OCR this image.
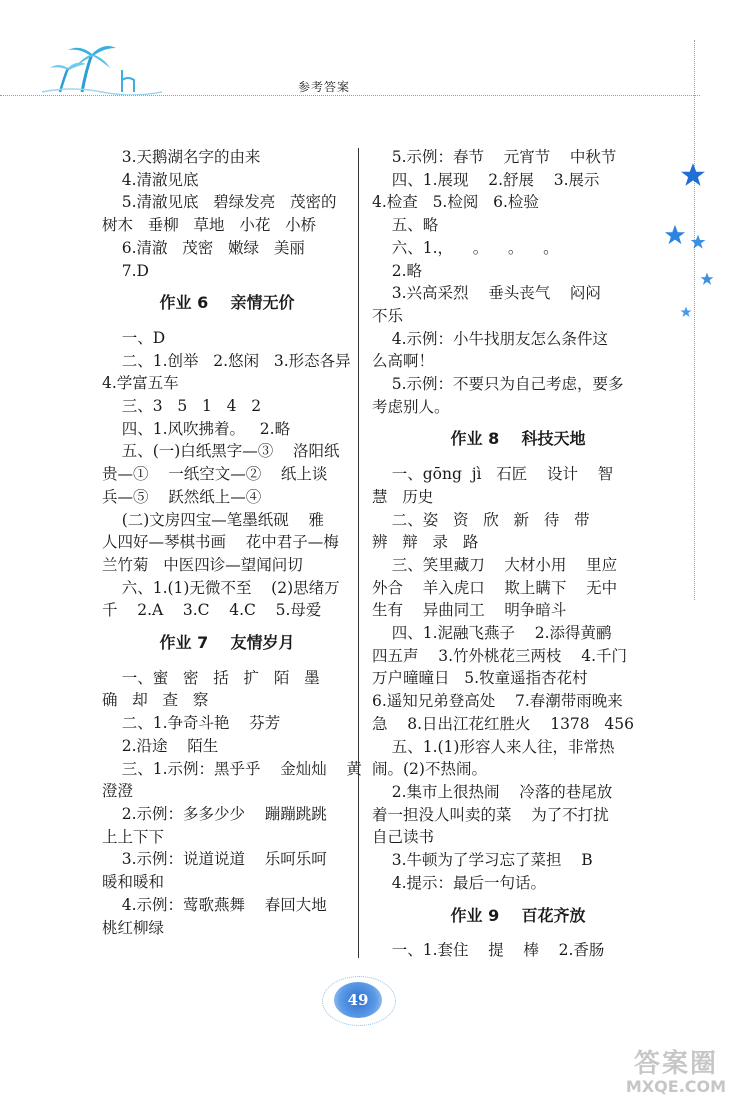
参考答案

3.天鹅湖名字的由来

4.清澈见底

5.清澈见底   碧绿发亮   茂密的

树木   垂柳   草地   小花   小桥

6.清澈   茂密   嫩绿   美丽

7.D

作业 6    亲情无价

一、D

二、1.创举   2.悠闲   3.形态各异

4.学富五车

三、3   5   1   4   2

四、1.风吹拂着。   2.略

五、(一)白纸黑字—③    洛阳纸

贵—①    一纸空文—②    纸上谈

兵—⑤    跃然纸上—④

(二)文房四宝—笔墨纸砚    雅

人四好—琴棋书画    花中君子—梅

兰竹菊   中医四诊—望闻问切

六、1.(1)无微不至    (2)思绪万

千    2.A    3.C    4.C    5.母爱

作业 7    友情岁月

一、蜜   密   括   扩   陌   墨

确   却   查   察

二、1.争奇斗艳    芬芳

2.沿途    陌生

三、1.示例：黑乎乎    金灿灿    黄

澄澄

2.示例：多多少少    蹦蹦跳跳

上上下下

3.示例：说道说道    乐呵乐呵

暖和暖和

4.示例：莺歌燕舞    春回大地

桃红柳绿

5.示例：春节    元宵节    中秋节

四、1.展现    2.舒展    3.展示

4.检查   5.检阅   6.检验

五、略

六、1.，    。    。    。

2.略

3.兴高采烈    垂头丧气    闷闷

不乐

4.示例：小牛找朋友怎么条件这

么高啊！

5.示例：不要只为自己考虑，要多

考虑别人。

作业 8    科技天地

一、gōng  jì   石匠    设计    智

慧   历史

二、姿   资   欣   新   待   带

辨   辩   录   路

三、笑里藏刀    大材小用    里应

外合    羊入虎口    欺上瞒下    无中

生有    异曲同工    明争暗斗

四、1.泥融飞燕子    2.添得黄鹂

四五声    3.竹外桃花三两枝    4.千门

万户曈曈日   5.牧童遥指杏花村

6.遥知兄弟登高处    7.春潮带雨晚来

急    8.日出江花红胜火    1378   456

五、1.(1)形容人来人往，非常热

闹。(2)不热闹。

2.集市上很热闹    冷落的巷尾放

着一担没人叫卖的菜    为了不打扰

自己读书

3.牛顿为了学习忘了菜担    B

4.提示：最后一句话。

作业 9    百花齐放

一、1.套住    提    棒    2.香肠

49
答案圈
MXQE.COM
